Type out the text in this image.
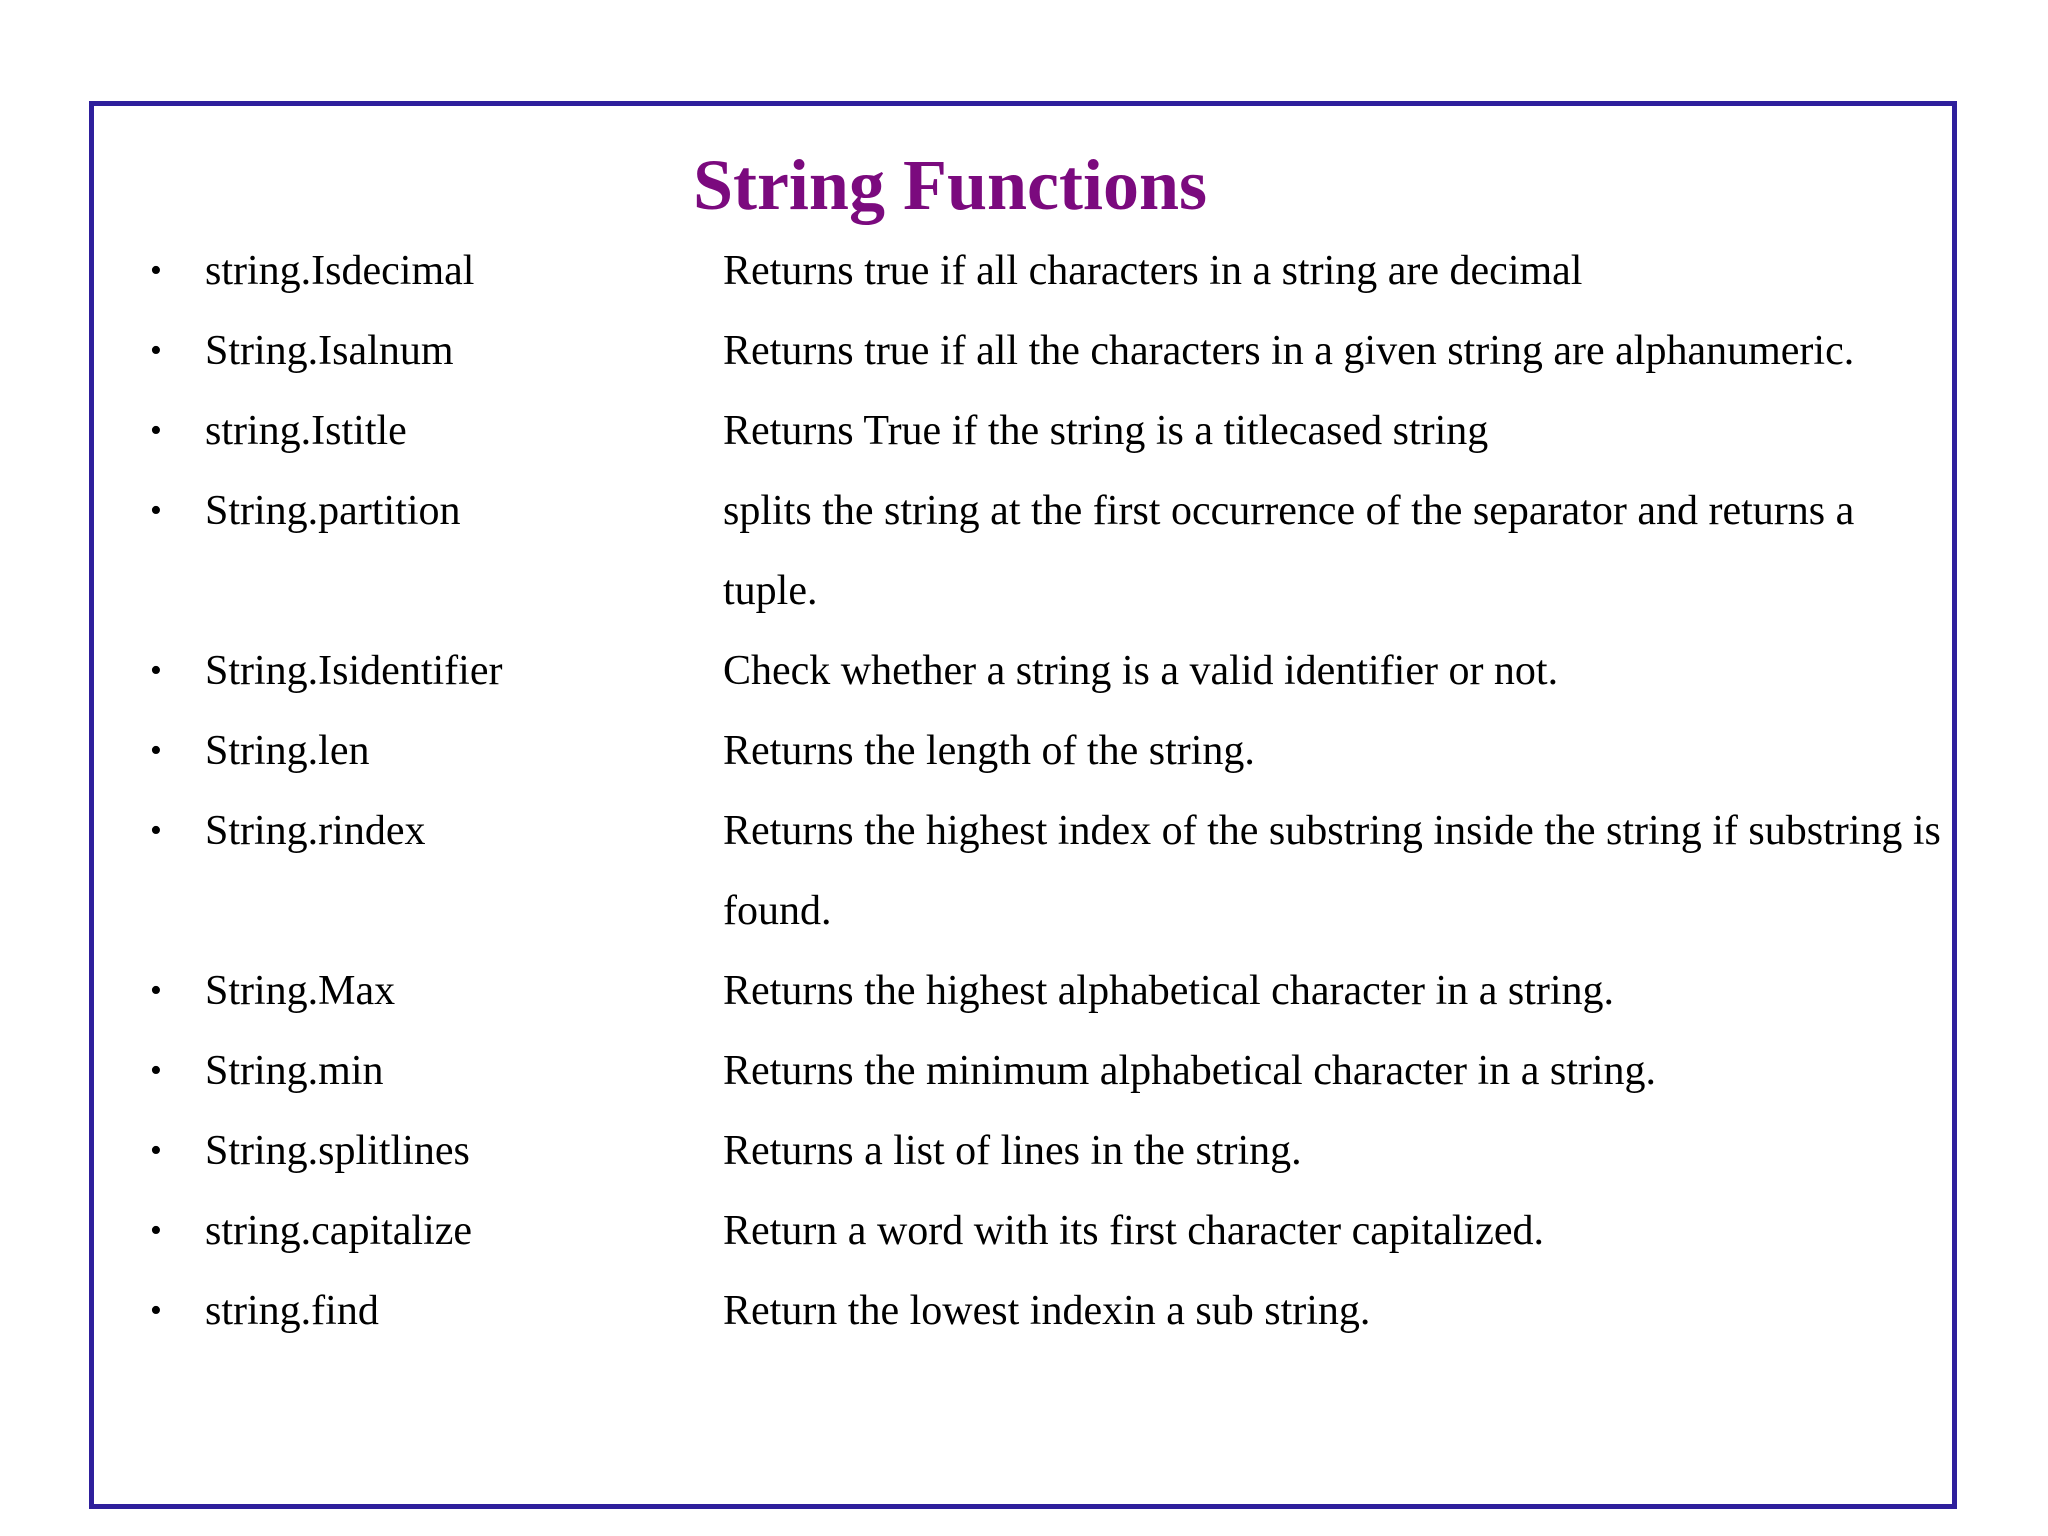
String Functions
• string.Isdecimal	Returns true if all characters in a string are decimal
• String.Isalnum	Returns true if all the characters in a given string are alphanumeric.
• string.Istitle	Returns True if the string is a titlecased string
• String.partition	splits the string at the first occurrence of the separator and returns a tuple.
• String.Isidentifier	Check whether a string is a valid identifier or not.
• String.len	Returns the length of the string.
• String.rindex	Returns the highest index of the substring inside the string if substring is found.
• String.Max	Returns the highest alphabetical character in a string.
• String.min	Returns the minimum alphabetical character in a string.
• String.splitlines	Returns a list of lines in the string.
• string.capitalize	Return a word with its first character capitalized.
• string.find	Return the lowest indexin a sub string.
